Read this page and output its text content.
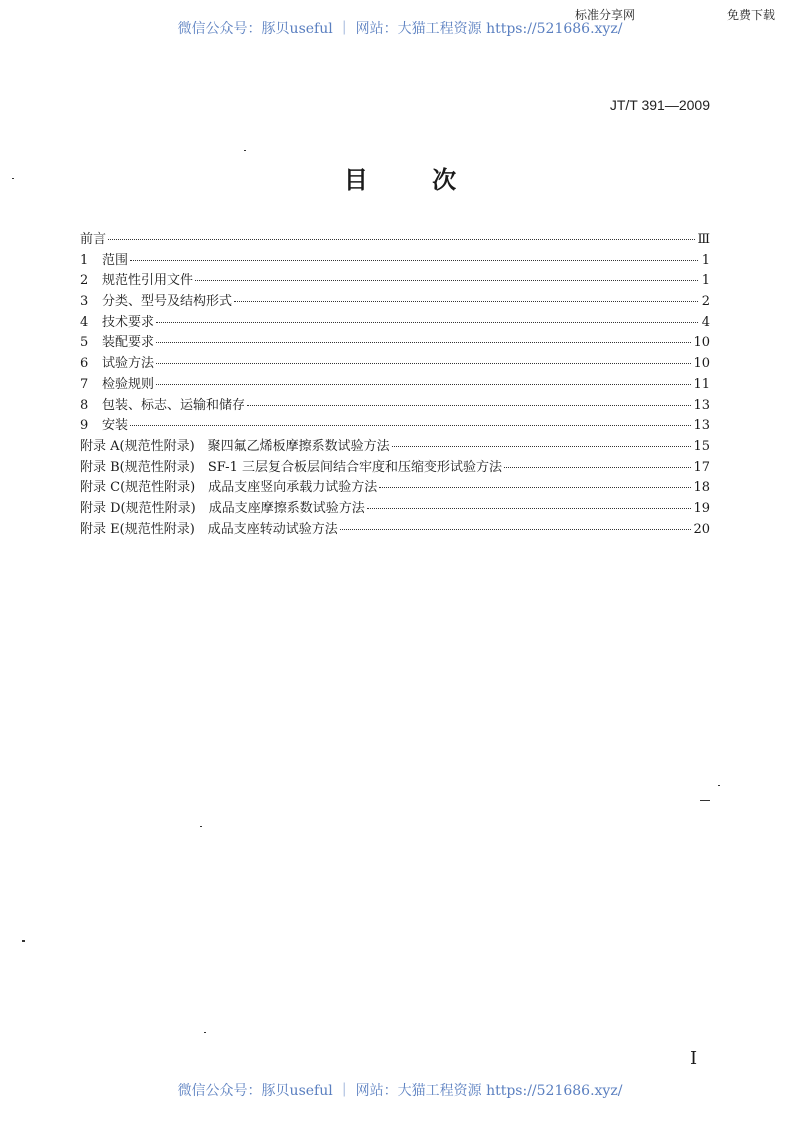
标准分享网	免费下载
微信公众号：豚贝useful ｜ 网站：大猫工程资源 https://521686.xyz/
JT/T 391—2009
目 次
前言	Ⅲ
1	范围	1
2	规范性引用文件	1
3	分类、型号及结构形式	2
4	技术要求	4
5	装配要求	10
6	试验方法	10
7	检验规则	11
8	包装、标志、运输和储存	13
9	安装	13
附录 A(规范性附录)　聚四氟乙烯板摩擦系数试验方法	15
附录 B(规范性附录)　SF-1 三层复合板层间结合牢度和压缩变形试验方法	17
附录 C(规范性附录)　成品支座竖向承载力试验方法	18
附录 D(规范性附录)　成品支座摩擦系数试验方法	19
附录 E(规范性附录)　成品支座转动试验方法	20
I
微信公众号：豚贝useful ｜ 网站：大猫工程资源 https://521686.xyz/
